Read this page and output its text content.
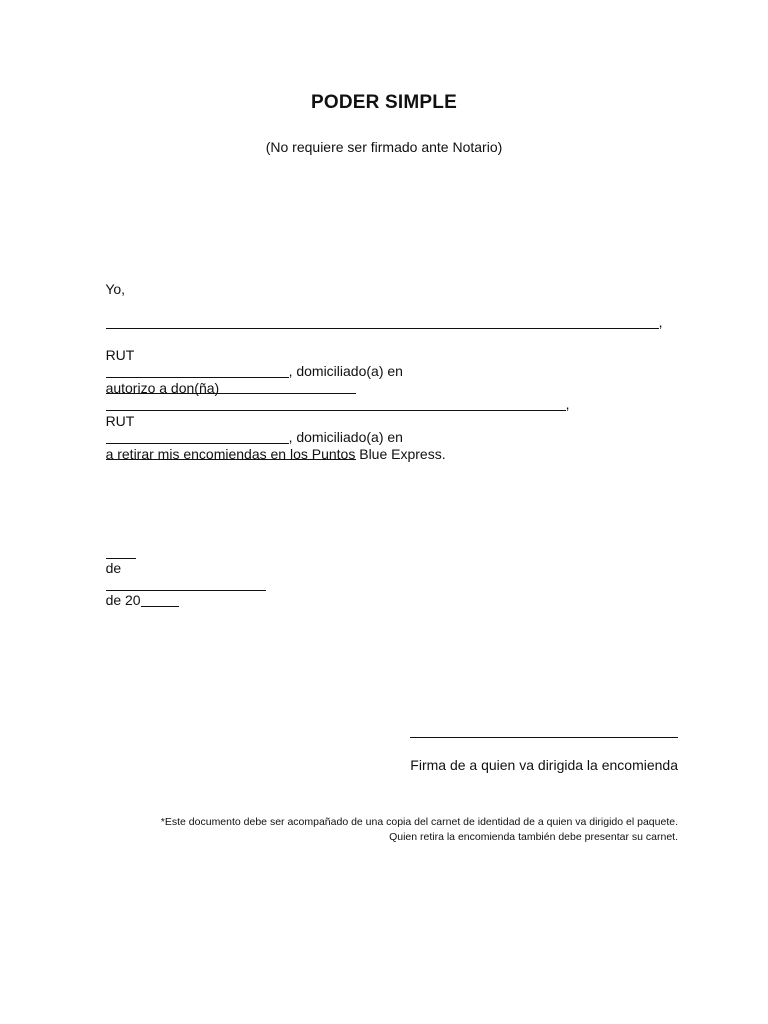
PODER SIMPLE
(No requiere ser firmado ante Notario)

Yo,

,

RUT
, domiciliado(a) en

autorizo a don(ña)
,

RUT
, domiciliado(a) en

a retirar mis encomiendas en los Puntos Blue Express.

de

de 20

Firma de a quien va dirigida la encomienda
*Este documento debe ser acompañado de una copia del carnet de identidad de a quien va dirigido el paquete.
Quien retira la encomienda también debe presentar su carnet.
